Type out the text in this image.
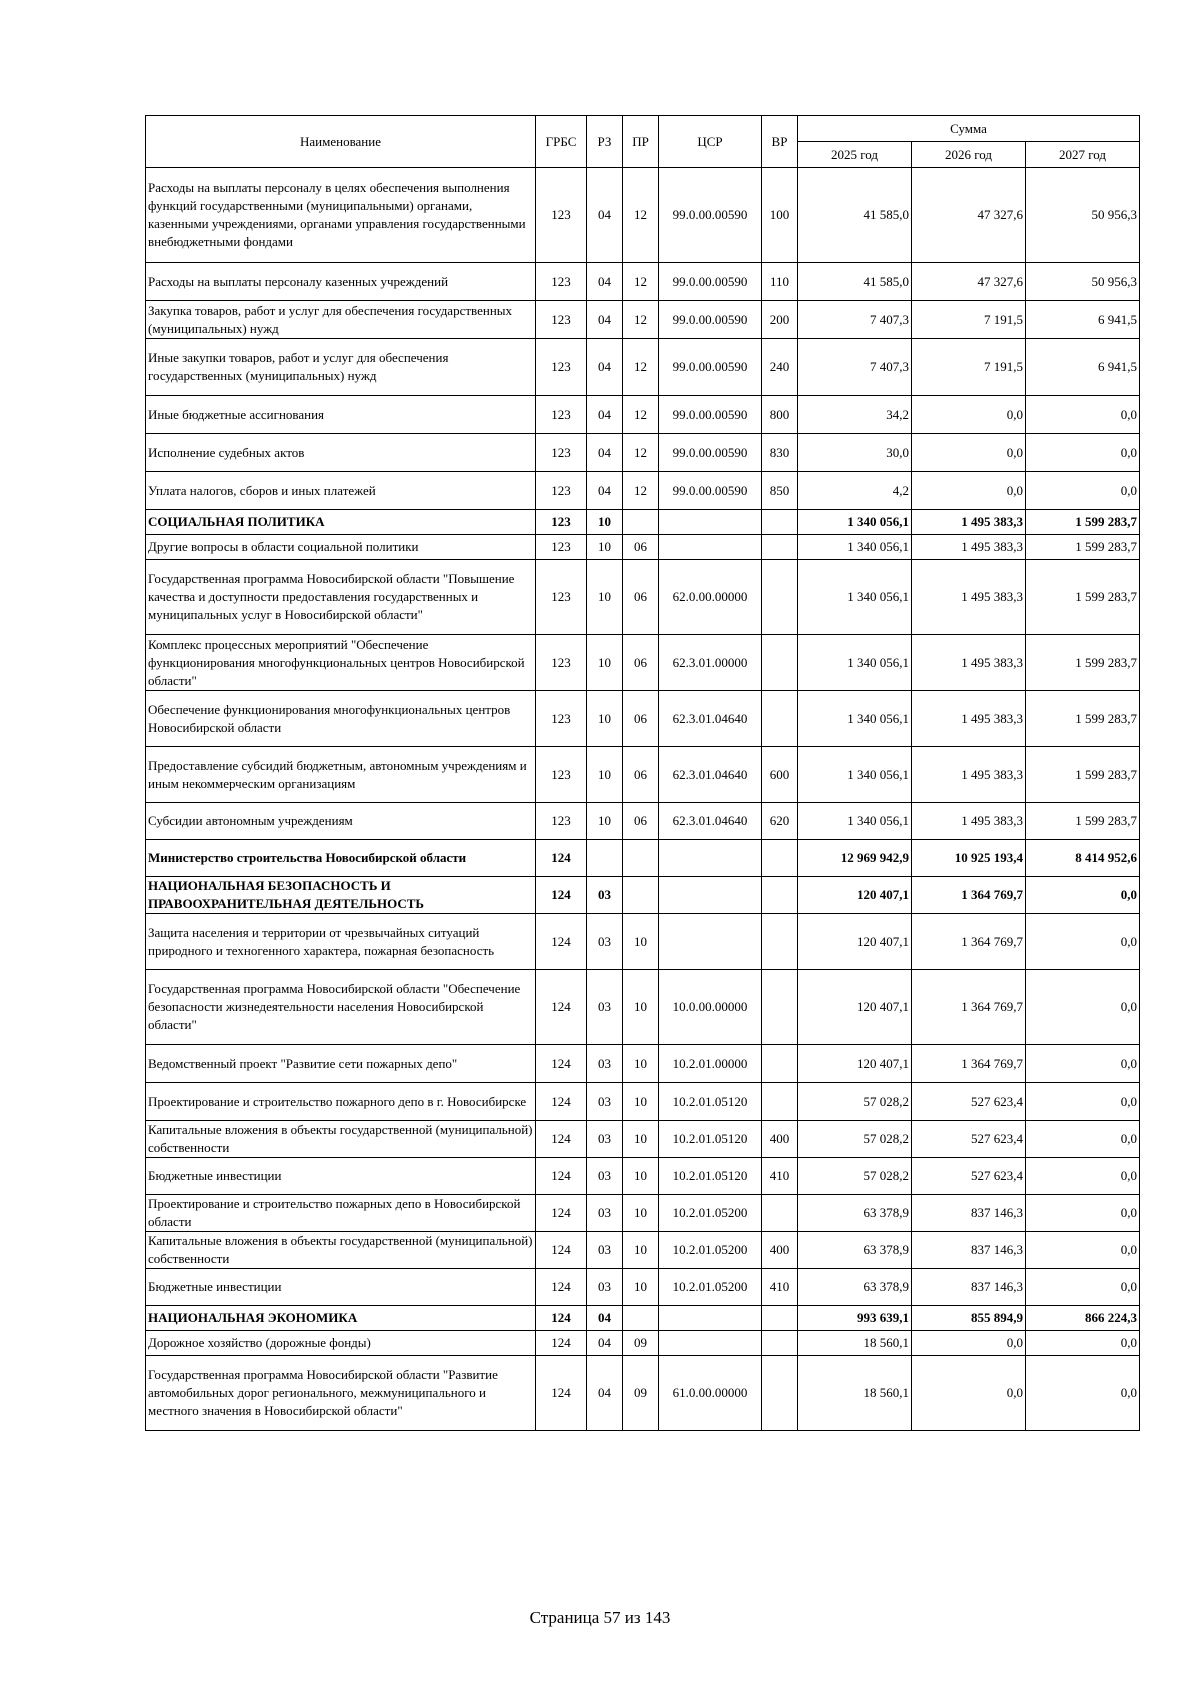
Наименование	ГРБС	РЗ	ПР	ЦСР	ВР	Сумма		
						2025 год	2026 год	2027 год
Расходы на выплаты персоналу в целях обеспечения выполнения функций государственными (муниципальными) органами, казенными учреждениями, органами управления государственными внебюджетными фондами	123	04	12	99.0.00.00590	100	41 585,0	47 327,6	50 956,3
Расходы на выплаты персоналу казенных учреждений	123	04	12	99.0.00.00590	110	41 585,0	47 327,6	50 956,3
Закупка товаров, работ и услуг для обеспечения государственных (муниципальных) нужд	123	04	12	99.0.00.00590	200	7 407,3	7 191,5	6 941,5
Иные закупки товаров, работ и услуг для обеспечения государственных (муниципальных) нужд	123	04	12	99.0.00.00590	240	7 407,3	7 191,5	6 941,5
Иные бюджетные ассигнования	123	04	12	99.0.00.00590	800	34,2	0,0	0,0
Исполнение судебных актов	123	04	12	99.0.00.00590	830	30,0	0,0	0,0
Уплата налогов, сборов и иных платежей	123	04	12	99.0.00.00590	850	4,2	0,0	0,0
СОЦИАЛЬНАЯ ПОЛИТИКА	123	10				1 340 056,1	1 495 383,3	1 599 283,7
Другие вопросы в области социальной политики	123	10	06			1 340 056,1	1 495 383,3	1 599 283,7
Государственная программа Новосибирской области "Повышение качества и доступности предоставления государственных и муниципальных услуг в Новосибирской области"	123	10	06	62.0.00.00000		1 340 056,1	1 495 383,3	1 599 283,7
Комплекс процессных мероприятий "Обеспечение функционирования многофункциональных центров Новосибирской области"	123	10	06	62.3.01.00000		1 340 056,1	1 495 383,3	1 599 283,7
Обеспечение функционирования многофункциональных центров Новосибирской области	123	10	06	62.3.01.04640		1 340 056,1	1 495 383,3	1 599 283,7
Предоставление субсидий бюджетным, автономным учреждениям и иным некоммерческим организациям	123	10	06	62.3.01.04640	600	1 340 056,1	1 495 383,3	1 599 283,7
Субсидии автономным учреждениям	123	10	06	62.3.01.04640	620	1 340 056,1	1 495 383,3	1 599 283,7
Министерство строительства Новосибирской области	124					12 969 942,9	10 925 193,4	8 414 952,6
НАЦИОНАЛЬНАЯ БЕЗОПАСНОСТЬ И ПРАВООХРАНИТЕЛЬНАЯ ДЕЯТЕЛЬНОСТЬ	124	03				120 407,1	1 364 769,7	0,0
Защита населения и территории от чрезвычайных ситуаций природного и техногенного характера, пожарная безопасность	124	03	10			120 407,1	1 364 769,7	0,0
Государственная программа Новосибирской области "Обеспечение безопасности жизнедеятельности населения Новосибирской области"	124	03	10	10.0.00.00000		120 407,1	1 364 769,7	0,0
Ведомственный проект "Развитие сети пожарных депо"	124	03	10	10.2.01.00000		120 407,1	1 364 769,7	0,0
Проектирование и строительство пожарного депо в г. Новосибирске	124	03	10	10.2.01.05120		57 028,2	527 623,4	0,0
Капитальные вложения в объекты государственной (муниципальной) собственности	124	03	10	10.2.01.05120	400	57 028,2	527 623,4	0,0
Бюджетные инвестиции	124	03	10	10.2.01.05120	410	57 028,2	527 623,4	0,0
Проектирование и строительство пожарных депо в Новосибирской области	124	03	10	10.2.01.05200		63 378,9	837 146,3	0,0
Капитальные вложения в объекты государственной (муниципальной) собственности	124	03	10	10.2.01.05200	400	63 378,9	837 146,3	0,0
Бюджетные инвестиции	124	03	10	10.2.01.05200	410	63 378,9	837 146,3	0,0
НАЦИОНАЛЬНАЯ ЭКОНОМИКА	124	04				993 639,1	855 894,9	866 224,3
Дорожное хозяйство (дорожные фонды)	124	04	09			18 560,1	0,0	0,0
Государственная программа Новосибирской области "Развитие автомобильных дорог регионального, межмуниципального и местного значения в Новосибирской области"	124	04	09	61.0.00.00000		18 560,1	0,0	0,0
Страница 57 из 143
